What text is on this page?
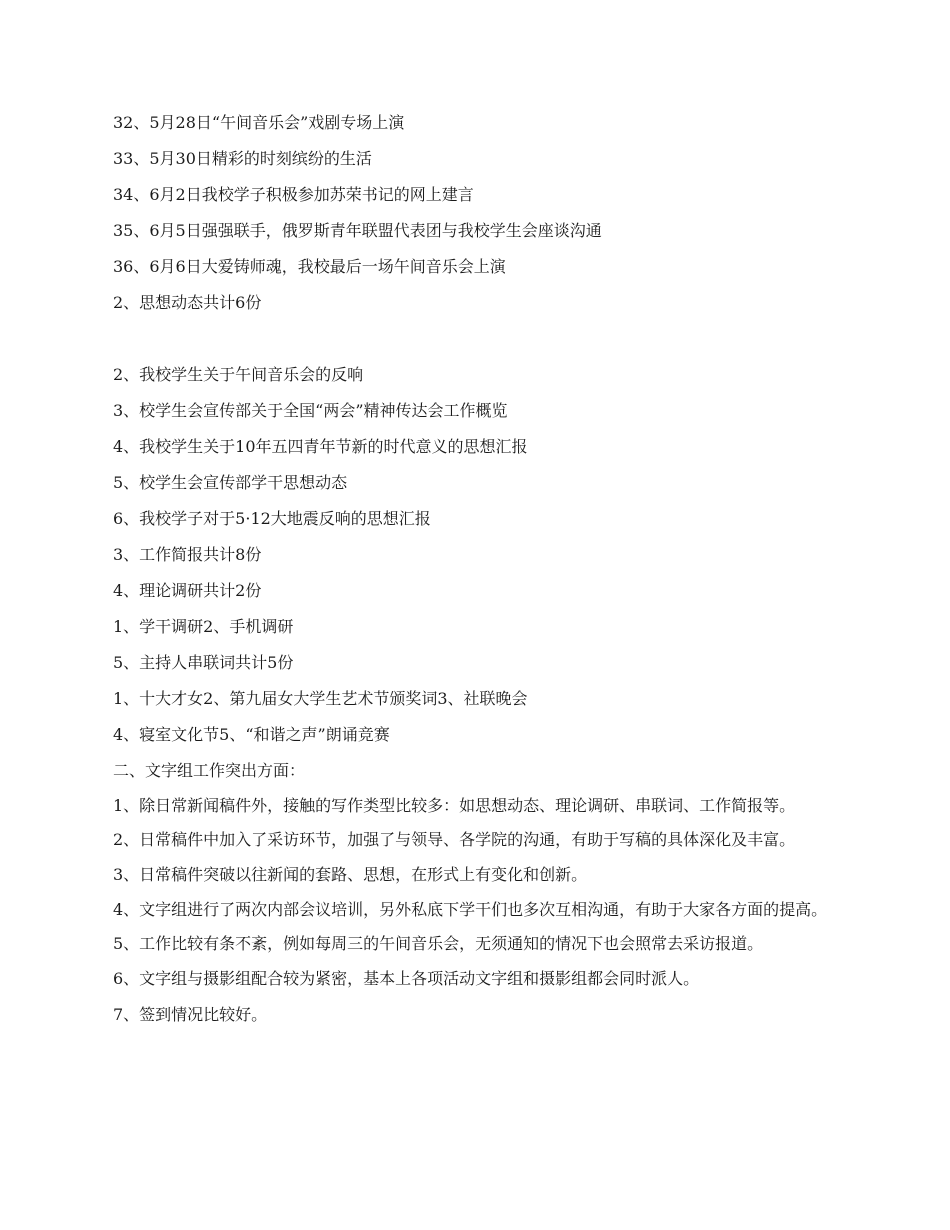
32、5月28日“午间音乐会”戏剧专场上演

33、5月30日精彩的时刻缤纷的生活

34、6月2日我校学子积极参加苏荣书记的网上建言

35、6月5日强强联手，俄罗斯青年联盟代表团与我校学生会座谈沟通

36、6月6日大爱铸师魂，我校最后一场午间音乐会上演

2、思想动态共计6份

2、我校学生关于午间音乐会的反响

3、校学生会宣传部关于全国“两会”精神传达会工作概览

4、我校学生关于10年五四青年节新的时代意义的思想汇报

5、校学生会宣传部学干思想动态

6、我校学子对于5·12大地震反响的思想汇报

3、工作简报共计8份

4、理论调研共计2份

1、学干调研2、手机调研

5、主持人串联词共计5份

1、十大才女2、第九届女大学生艺术节颁奖词3、社联晚会

4、寝室文化节5、“和谐之声”朗诵竞赛

二、文字组工作突出方面：

1、除日常新闻稿件外，接触的写作类型比较多：如思想动态、理论调研、串联词、工作简报等。

2、日常稿件中加入了采访环节，加强了与领导、各学院的沟通，有助于写稿的具体深化及丰富。

3、日常稿件突破以往新闻的套路、思想，在形式上有变化和创新。

4、文字组进行了两次内部会议培训，另外私底下学干们也多次互相沟通，有助于大家各方面的提高。

5、工作比较有条不紊，例如每周三的午间音乐会，无须通知的情况下也会照常去采访报道。

6、文字组与摄影组配合较为紧密，基本上各项活动文字组和摄影组都会同时派人。

7、签到情况比较好。
